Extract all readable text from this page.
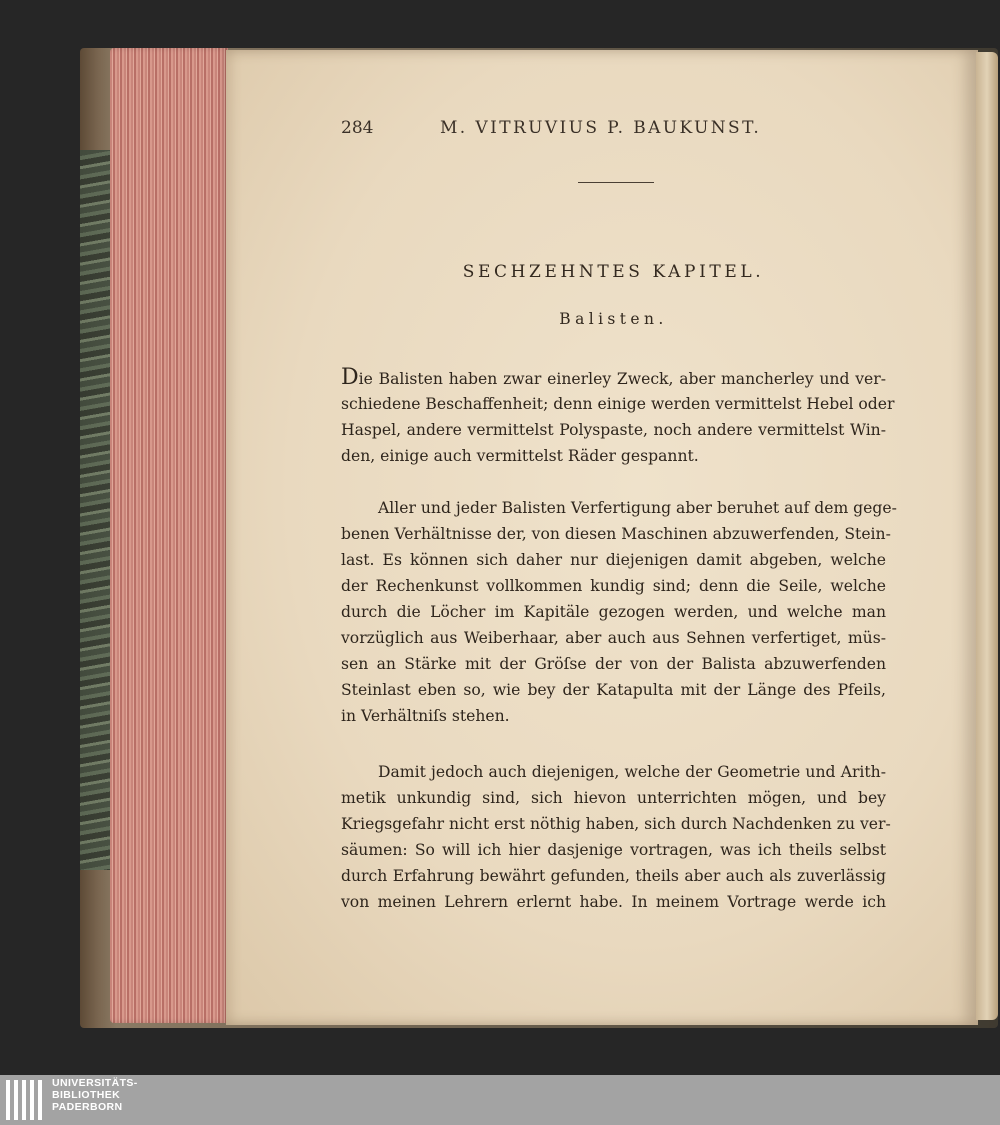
284	M. VITRUVIUS P. BAUKUNST.
SECHZEHNTES KAPITEL.
Balisten.
Die Balisten haben zwar einerley Zweck, aber mancherley und ver-
schiedene Beschaffenheit; denn einige werden vermittelst Hebel oder
Haspel, andere vermittelst Polyspaste, noch andere vermittelst Win-
den, einige auch vermittelst Räder gespannt.
Aller und jeder Balisten Verfertigung aber beruhet auf dem gege-
benen Verhältnisse der, von diesen Maschinen abzuwerfenden, Stein-
last. Es können sich daher nur diejenigen damit abgeben, welche
der Rechenkunst vollkommen kundig sind; denn die Seile, welche
durch die Löcher im Kapitäle gezogen werden, und welche man
vorzüglich aus Weiberhaar, aber auch aus Sehnen verfertiget, müs-
sen an Stärke mit der Gröſse der von der Balista abzuwerfenden
Steinlast eben so, wie bey der Katapulta mit der Länge des Pfeils,
in Verhältniſs stehen.
Damit jedoch auch diejenigen, welche der Geometrie und Arith-
metik unkundig sind, sich hievon unterrichten mögen, und bey
Kriegsgefahr nicht erst nöthig haben, sich durch Nachdenken zu ver-
säumen: So will ich hier dasjenige vortragen, was ich theils selbst
durch Erfahrung bewährt gefunden, theils aber auch als zuverlässig
von meinen Lehrern erlernt habe. In meinem Vortrage werde ich
UNIVERSITÄTS-
BIBLIOTHEK
PADERBORN
